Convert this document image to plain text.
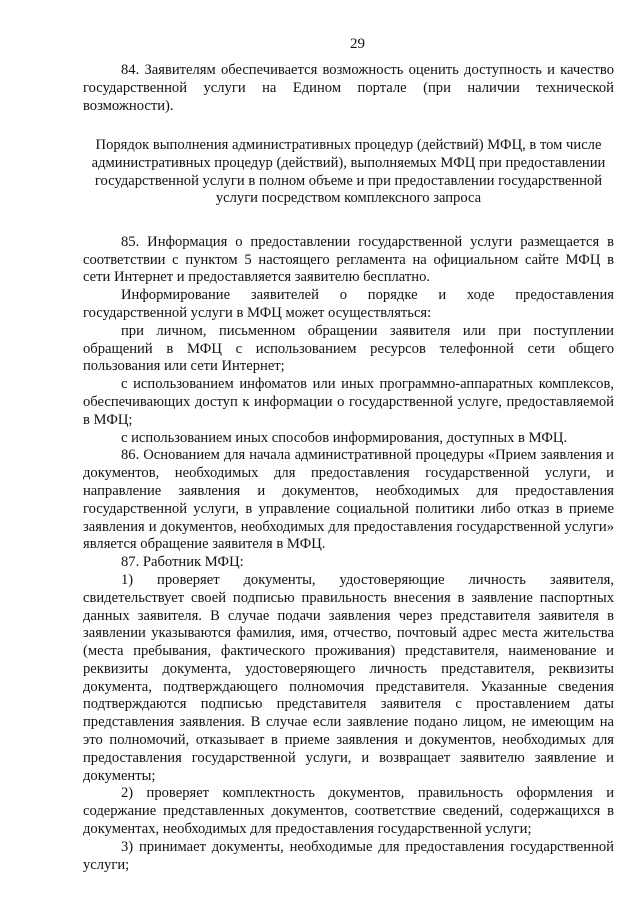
29

84. Заявителям обеспечивается возможность оценить доступность и качество государственной услуги на Едином портале (при наличии технической возможности).

Порядок выполнения административных процедур (действий) МФЦ, в том числе административных процедур (действий), выполняемых МФЦ при предоставлении государственной услуги в полном объеме и при предоставлении государственной услуги посредством комплексного запроса

85. Информация о предоставлении государственной услуги размещается в соответствии с пунктом 5 настоящего регламента на официальном сайте МФЦ в сети Интернет и предоставляется заявителю бесплатно.

Информирование заявителей о порядке и ходе предоставления государственной услуги в МФЦ может осуществляться:

при личном, письменном обращении заявителя или при поступлении обращений в МФЦ с использованием ресурсов телефонной сети общего пользования или сети Интернет;

с использованием инфоматов или иных программно-аппаратных комплексов, обеспечивающих доступ к информации о государственной услуге, предоставляемой в МФЦ;

с использованием иных способов информирования, доступных в МФЦ.

86. Основанием для начала административной процедуры «Прием заявления и документов, необходимых для предоставления государственной услуги, и направление заявления и документов, необходимых для предоставления государственной услуги, в управление социальной политики либо отказ в приеме заявления и документов, необходимых для предоставления государственной услуги» является обращение заявителя в МФЦ.

87. Работник МФЦ:

1) проверяет документы, удостоверяющие личность заявителя, свидетельствует своей подписью правильность внесения в заявление паспортных данных заявителя. В случае подачи заявления через представителя заявителя в заявлении указываются фамилия, имя, отчество, почтовый адрес места жительства (места пребывания, фактического проживания) представителя, наименование и реквизиты документа, удостоверяющего личность представителя, реквизиты документа, подтверждающего полномочия представителя. Указанные сведения подтверждаются подписью представителя заявителя с проставлением даты представления заявления. В случае если заявление подано лицом, не имеющим на это полномочий, отказывает в приеме заявления и документов, необходимых для предоставления государственной услуги, и возвращает заявителю заявление и документы;

2) проверяет комплектность документов, правильность оформления и содержание представленных документов, соответствие сведений, содержащихся в документах, необходимых для предоставления государственной услуги;

3) принимает документы, необходимые для предоставления государственной услуги;
